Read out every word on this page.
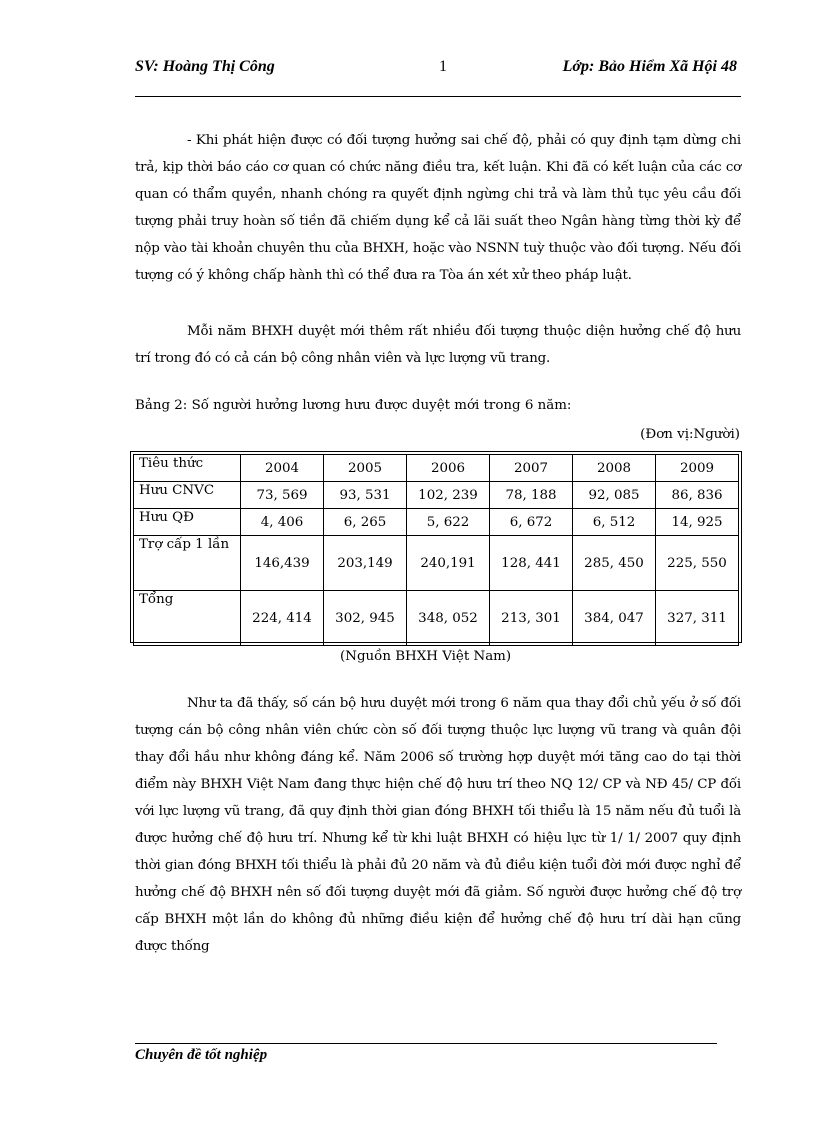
SV: Hoàng Thị Công	1	Lớp: Bảo Hiểm Xã Hội 48

- Khi phát hiện được có đối tượng hưởng sai chế độ, phải có quy định tạm dừng chi trả, kịp thời báo cáo cơ quan có chức năng điều tra, kết luận. Khi đã có kết luận của các cơ quan có thẩm quyền, nhanh chóng ra quyết định ngừng chi trả và làm thủ tục yêu cầu đối tượng phải truy hoàn số tiền đã chiếm dụng kể cả lãi suất theo Ngân hàng từng thời kỳ để nộp vào tài khoản chuyên thu của BHXH, hoặc vào NSNN tuỳ thuộc vào đối tượng. Nếu đối tượng có ý không chấp hành thì có thể đưa ra Tòa án xét xử theo pháp luật.

Mỗi năm BHXH duyệt mới thêm rất nhiều đối tượng thuộc diện hưởng chế độ hưu trí trong đó có cả cán bộ công nhân viên và lực lượng vũ trang.

Bảng 2: Số người hưởng lương hưu được duyệt mới trong 6 năm:
(Đơn vị:Người)
Tiêu thức	2004	2005	2006	2007	2008	2009
Hưu CNVC	73, 569	93, 531	102, 239	78, 188	92, 085	86, 836
Hưu QĐ	4, 406	6, 265	5, 622	6, 672	6, 512	14, 925
Trợ cấp 1 lần	146,439	203,149	240,191	128, 441	285, 450	225, 550
Tổng	224, 414	302, 945	348, 052	213, 301	384, 047	327, 311
(Nguồn BHXH Việt Nam)

Như ta đã thấy, số cán bộ hưu duyệt mới trong 6 năm qua thay đổi chủ yếu ở số đối tượng cán bộ công nhân viên chức còn số đối tượng thuộc lực lượng vũ trang và quân đội thay đổi hầu như không đáng kể. Năm 2006 số trường hợp duyệt mới tăng cao do tại thời điểm này BHXH Việt Nam đang thực hiện chế độ hưu trí theo NQ 12/ CP và NĐ 45/ CP đối với lực lượng vũ trang, đã quy định thời gian đóng BHXH tối thiểu là 15 năm nếu đủ tuổi là được hưởng chế độ hưu trí. Nhưng kể từ khi luật BHXH có hiệu lực từ 1/ 1/ 2007 quy định thời gian đóng BHXH tối thiểu là phải đủ 20 năm và đủ điều kiện tuổi đời mới được nghỉ để hưởng chế độ BHXH nên số đối tượng duyệt mới đã giảm. Số người được hưởng chế độ trợ cấp BHXH một lần do không đủ những điều kiện để hưởng chế độ hưu trí dài hạn cũng được thống

Chuyên đề tốt nghiệp
